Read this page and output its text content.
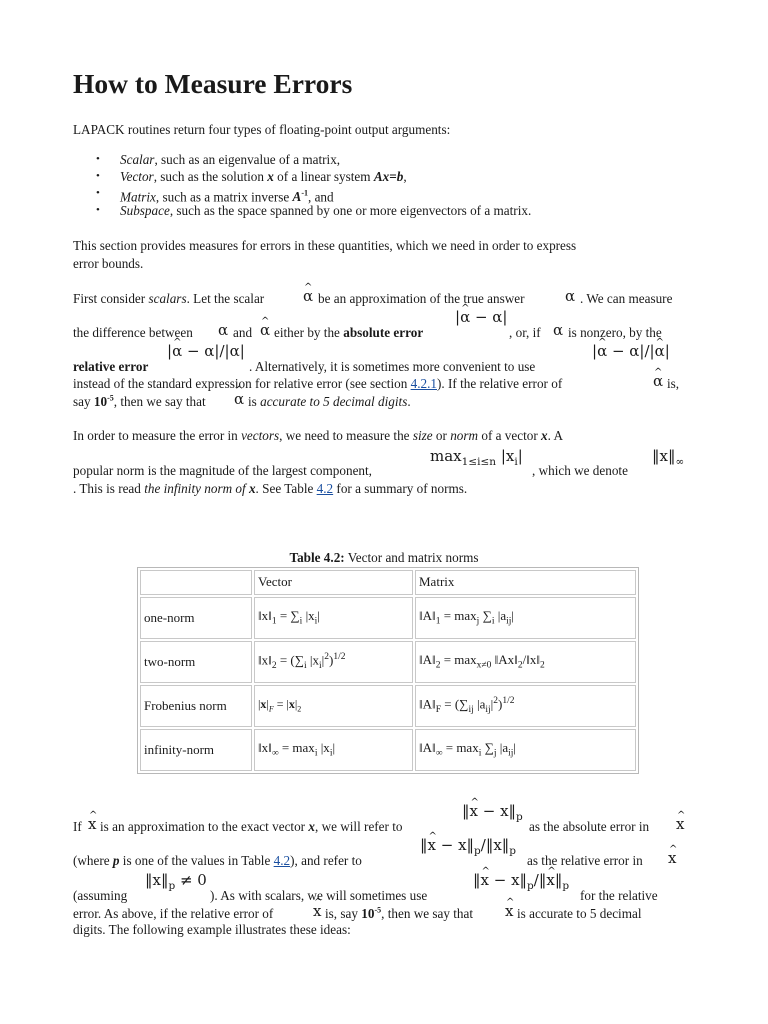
How to Measure Errors
LAPACK routines return four types of floating-point output arguments:
• Scalar, such as an eigenvalue of a matrix,
• Vector, such as the solution x of a linear system Ax=b,
• Matrix, such as a matrix inverse $A^{-1}$, and
• Subspace, such as the space spanned by one or more eigenvectors of a matrix.
This section provides measures for errors in these quantities, which we need in order to express
error bounds.
First consider scalars. Let the scalar	^ α be an approximation of the true answer	α . We can measure
|^ α − α|
the difference between α and ^ α either by the absolute error	, or, if α is nonzero, by the
|^ α − α|/|α|	|^ α − α|/|^ α|
relative error	. Alternatively, it is sometimes more convenient to use
instead of the standard expression for relative error (see section 4.2.1). If the relative error of	^ α is,
say $10^{-5}$, then we say that ^ α is accurate to 5 decimal digits.
In order to measure the error in vectors, we need to measure the size or norm of a vector x. A
$\max_{1\le i\le n} |x_i|$	$‖x‖_\infty$
popular norm is the magnitude of the largest component,	, which we denote
. This is read the infinity norm of x. See Table 4.2 for a summary of norms.
Table 4.2: Vector and matrix norms
	Vector	Matrix
one-norm	$‖x‖_1 = \sum_i$ $|x_i|$	$‖A‖_1 = \max_j \sum_i$ $|a_{ij}|$
two-norm	$‖x‖_2 = (\sum_i$ $|x_i|^2)^{1/2}$	$‖A‖_2 = \max_{x\ne 0}$ $‖Ax‖_2/‖x‖_2$
Frobenius norm	$|x|_F = |x|_2$	$‖A‖_F = (\sum_{ij}$ $|a_{ij}|^2)^{1/2}$
infinity-norm	$‖x‖_\infty = \max_i |x_i|$	$‖A‖_\infty = \max_i \sum_j$ $|a_{ij}|$
‖^ $x - x‖_p$
If ^ x is an approximation to the exact vector x, we will refer to	as the absolute error in ^ x
‖^ $x - x‖_p/‖x‖_p$
(where p is one of the values in Table 4.2), and refer to	as the relative error in ^ x
$‖x‖_p \ne 0$	‖^ $x - x‖_p/‖\^{}$ $x‖_p$
(assuming	). As with scalars, we will sometimes use	for the relative
error. As above, if the relative error of	^ x is, say $10^{-5}$, then we say that ^ x is accurate to 5 decimal
digits. The following example illustrates these ideas:
